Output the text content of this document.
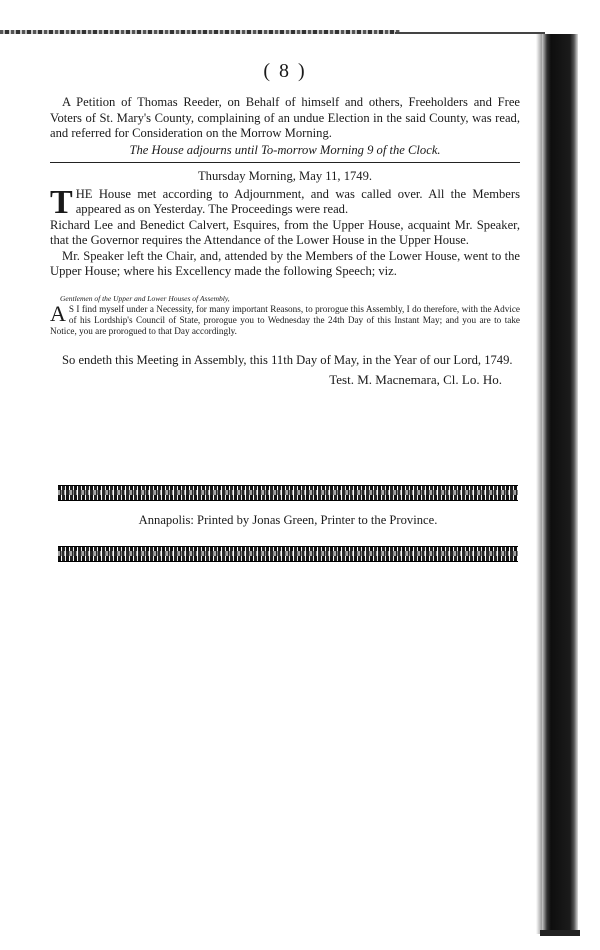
( 8 )

A Petition of Thomas Reeder, on Behalf of himself and others, Freeholders and Free Voters of St. Mary's County, complaining of an undue Election in the said County, was read, and referred for Consideration on the Morrow Morning.

The House adjourns until To-morrow Morning 9 of the Clock.

Thursday Morning, May 11, 1749.

T HE House met according to Adjournment, and was called over. All the Members appeared as on Yesterday. The Proceedings were read.

Richard Lee and Benedict Calvert, Esquires, from the Upper House, acquaint Mr. Speaker, that the Governor requires the Attendance of the Lower House in the Upper House.

Mr. Speaker left the Chair, and, attended by the Members of the Lower House, went to the Upper House; where his Excellency made the following Speech; viz.

Gentlemen of the Upper and Lower Houses of Assembly,

A S I find myself under a Necessity, for many important Reasons, to prorogue this Assembly, I do therefore, with the Advice of his Lordship's Council of State, prorogue you to Wednesday the 24th Day of this Instant May; and you are to take Notice, you are prorogued to that Day accordingly.

So endeth this Meeting in Assembly, this 11th Day of May, in the Year of our Lord, 1749.

Test. M. Macnemara, Cl. Lo. Ho.

Annapolis: Printed by Jonas Green, Printer to the Province.
